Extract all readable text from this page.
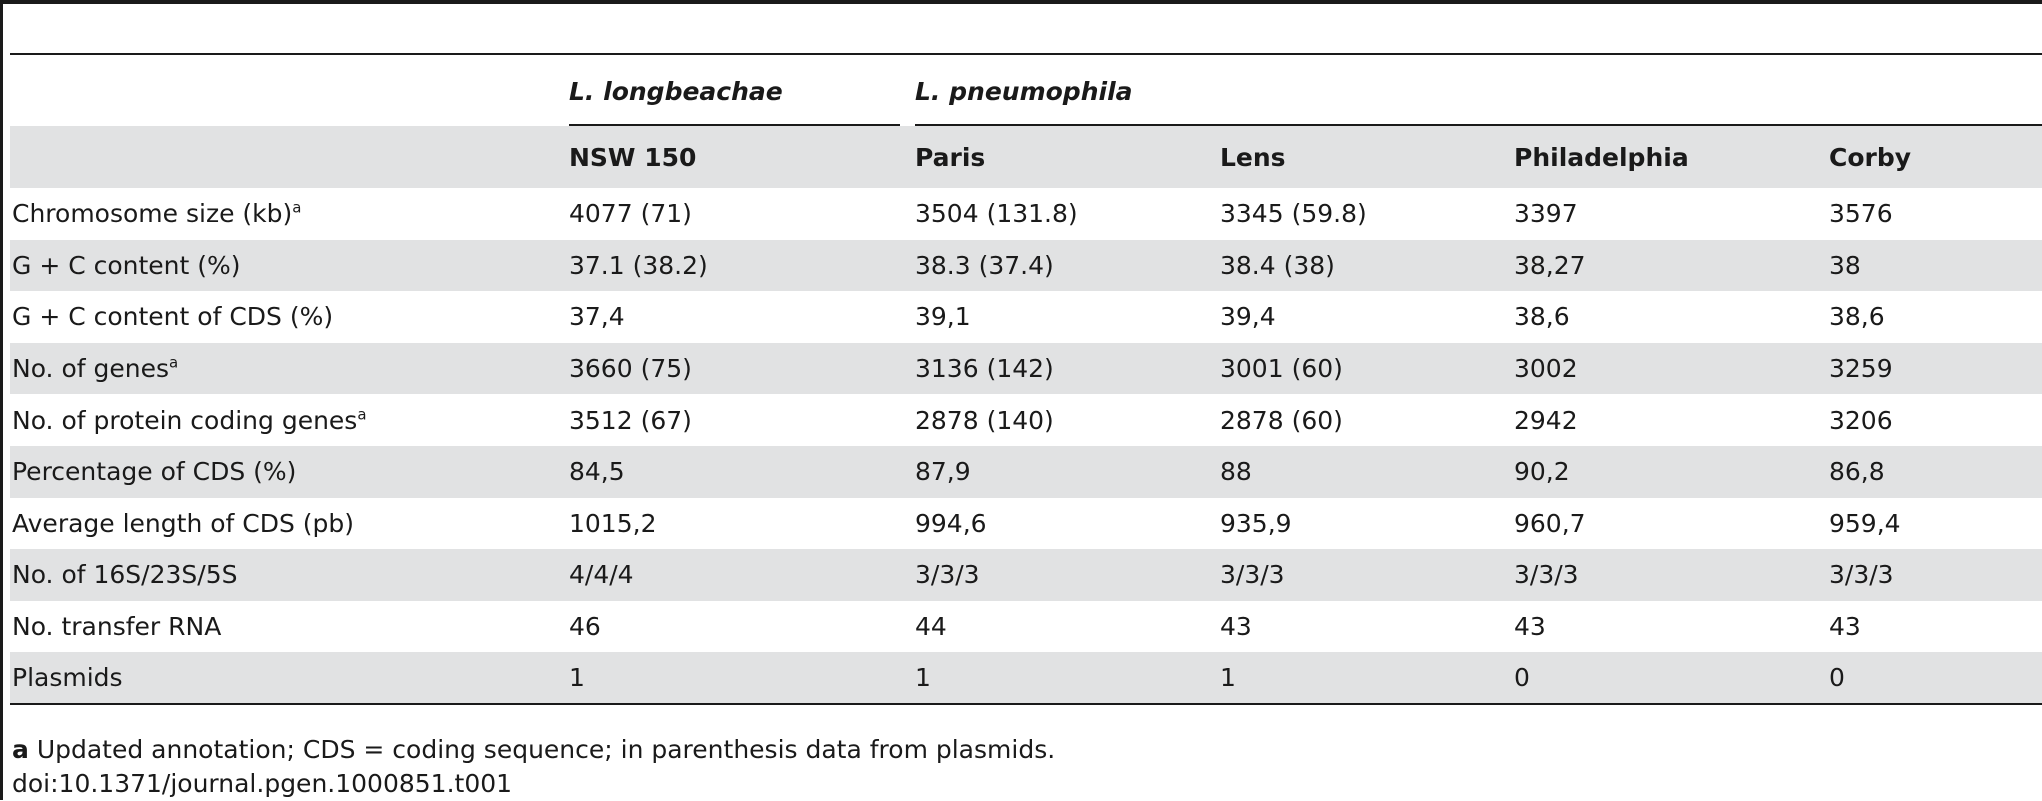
	L. longbeachae	L. pneumophila			

	NSW 150	Paris	Lens	Philadelphia	Corby
Chromosome size (kb)$^a$	4077 (71)	3504 (131.8)	3345 (59.8)	3397	3576
G + C content (%)	37.1 (38.2)	38.3 (37.4)	38.4 (38)	38,27	38
G + C content of CDS (%)	37,4	39,1	39,4	38,6	38,6
No. of genes$^a$	3660 (75)	3136 (142)	3001 (60)	3002	3259
No. of protein coding genes$^a$	3512 (67)	2878 (140)	2878 (60)	2942	3206
Percentage of CDS (%)	84,5	87,9	88	90,2	86,8
Average length of CDS (pb)	1015,2	994,6	935,9	960,7	959,4
No. of 16S/23S/5S	4/4/4	3/3/3	3/3/3	3/3/3	3/3/3
No. transfer RNA	46	44	43	43	43
Plasmids	1	1	1	0	0
a Updated annotation; CDS = coding sequence; in parenthesis data from plasmids.
doi:10.1371/journal.pgen.1000851.t001
